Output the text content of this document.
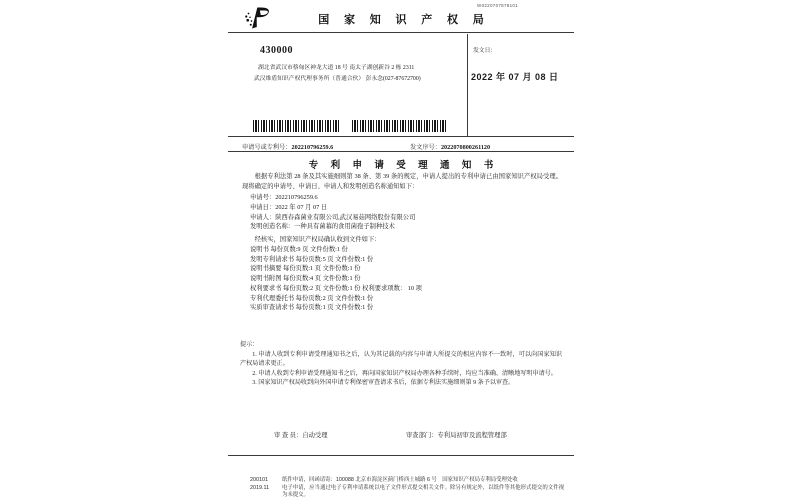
W0220707878101
国 家 知 识 产 权 局
430000
湖北省武汉市蔡甸区神龙大道 18 号 南太子湖创新谷 2 栋 2311
武汉维盾知识产权代理事务所（普通合伙） 彭永念(027-87672700)
发文日：
2022 年 07 月 08 日
申请号或专利号：202210796259.6	发文序号：2022070800261120
专 利 申 请 受 理 通 知 书

根据专利法第 28 条及其实施细则第 38 条、第 39 条的规定，申请人提出的专利申请已由国家知识产权局受理。现将确定的申请号、申请日、申请人和发明创造名称通知如下：

申请号：202210796259.6
申请日：2022 年 07 月 07 日
申请人：陕西春森菌业有限公司,武汉易菇网络股份有限公司
发明创造名称：一种具有菌幕的食用菌孢子制种技术
经核实，国家知识产权局确认收到文件如下：
说明书 每份页数:9 页 文件份数:1 份
发明专利请求书 每份页数:5 页 文件份数:1 份
说明书摘要 每份页数:1 页 文件份数:1 份
说明书附图 每份页数:4 页 文件份数:1 份
权利要求书 每份页数:2 页 文件份数:1 份 权利要求项数： 10 项
专利代理委托书 每份页数:2 页 文件份数:1 份
实质审查请求书 每份页数:1 页 文件份数:1 份
提示：
1. 申请人收到专利申请受理通知书之后，认为其记载的内容与申请人所提交的相应内容不一致时，可以向国家知识产权局请求更正。
2. 申请人收到专利申请受理通知书之后，再向国家知识产权局办理各种手续时，均应当准确、清晰地写明申请号。
3. 国家知识产权局收到向外国申请专利保密审查请求书后，依据专利法实施细则第 9 条予以审查。
审 查 员：自动受理	审查部门：专利局初审及流程管理部
200101	纸件申请，回函请寄：100088 北京市海淀区蓟门桥西土城路 6 号　国家知识产权局专利局受理处收
2019.11	电子申请，应当通过电子专利申请系统以电子文件形式提交相关文件。除另有规定外，以纸件等其他形式提交的文件视为未提交。
